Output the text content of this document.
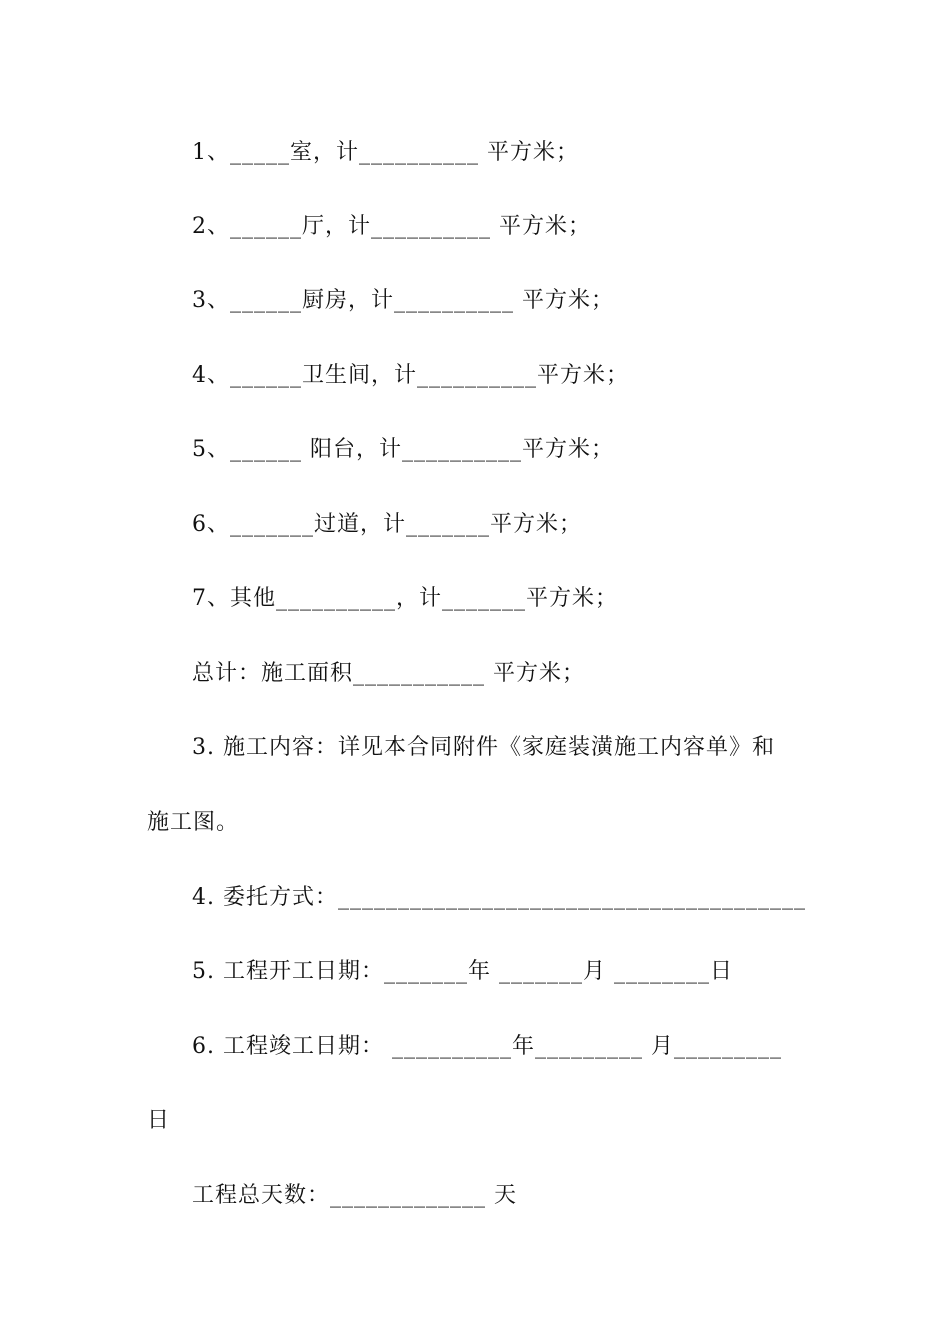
1、_____室，计__________ 平方米；
2、______厅，计__________ 平方米；
3、______厨房，计__________ 平方米；
4、______卫生间，计__________平方米；
5、______ 阳台，计__________平方米；
6、_______过道，计_______平方米；
7、其他__________，计_______平方米；
总计：施工面积___________ 平方米；
3. 施工内容：详见本合同附件《家庭装潢施工内容单》和
施工图。
4. 委托方式：_______________________________________
5. 工程开工日期：_______年 _______月 ________日
6. 工程竣工日期： __________年_________ 月_________
日
工程总天数：_____________ 天
